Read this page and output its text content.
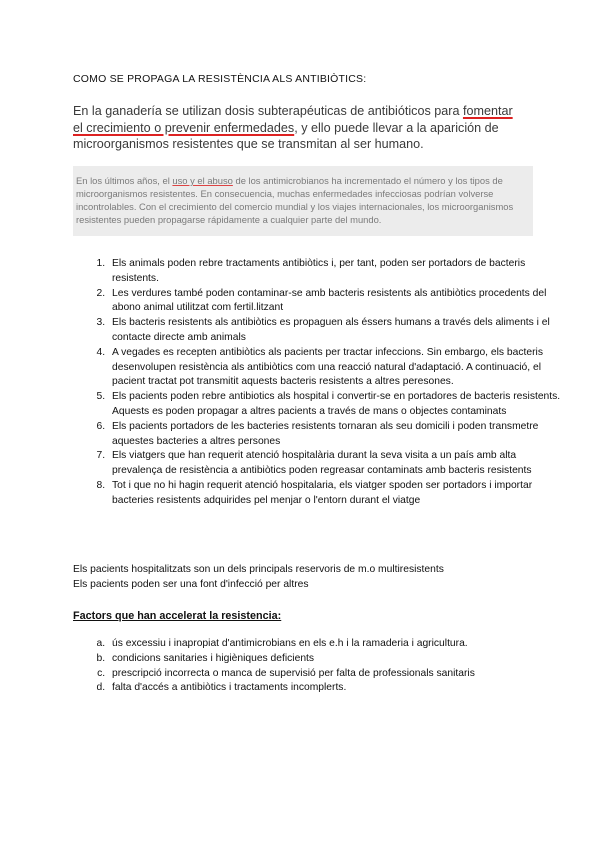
COMO SE PROPAGA LA RESISTÈNCIA ALS ANTIBIÒTICS:
En la ganadería se utilizan dosis subterapéuticas de antibióticos para fomentar el crecimiento o prevenir enfermedades, y ello puede llevar a la aparición de microorganismos resistentes que se transmitan al ser humano.
En los últimos años, el uso y el abuso de los antimicrobianos ha incrementado el número y los tipos de microorganismos resistentes. En consecuencia, muchas enfermedades infecciosas podrían volverse incontrolables. Con el crecimiento del comercio mundial y los viajes internacionales, los microorganismos resistentes pueden propagarse rápidamente a cualquier parte del mundo.
1. Els animals poden rebre tractaments antibiòtics i, per tant, poden ser portadors de bacteris resistents.
2. Les verdures també poden contaminar-se amb bacteris resistents als antibiòtics procedents del abono animal utilitzat com fertil.litzant
3. Els bacteris resistents als antibiòtics es propaguen als éssers humans a través dels aliments i el contacte directe amb animals
4. A vegades es recepten antibiòtics als pacients per tractar infeccions. Sin embargo, els bacteris desenvolupen resistència als antibiòtics com una reacció natural d'adaptació. A continuació, el pacient tractat pot transmitit aquests bacteris resistents a altres peresones.
5. Els pacients poden rebre antibiotics als hospital i convertir-se en portadores de bacteris resistents. Aquests es poden propagar a altres pacients a través de mans o objectes contaminats
6. Els pacients portadors de les bacteries resistents tornaran als seu domicili i poden transmetre aquestes bacteries a altres persones
7. Els viatgers que han requerit atenció hospitalària durant la seva visita a un país amb alta prevalença de resistència a antibiòtics poden regreasar contaminats amb bacteris resistents
8. Tot i que no hi hagin requerit atenció hospitalaria, els viatger spoden ser portadors i importar bacteries resistents adquirides pel menjar o l'entorn durant el viatge
Els pacients hospitalitzats son un dels principals reservoris de m.o multiresistents
Els pacients poden ser una font d'infecció per altres
Factors que han accelerat la resistencia:
a. ús excessiu i inapropiat d'antimicrobians en els e.h i la ramaderia i agricultura.
b. condicions sanitaries i higièniques deficients
c. prescripció incorrecta o manca de supervisió per falta de professionals sanitaris
d. falta d'accés a antibiòtics i tractaments incomplerts.
